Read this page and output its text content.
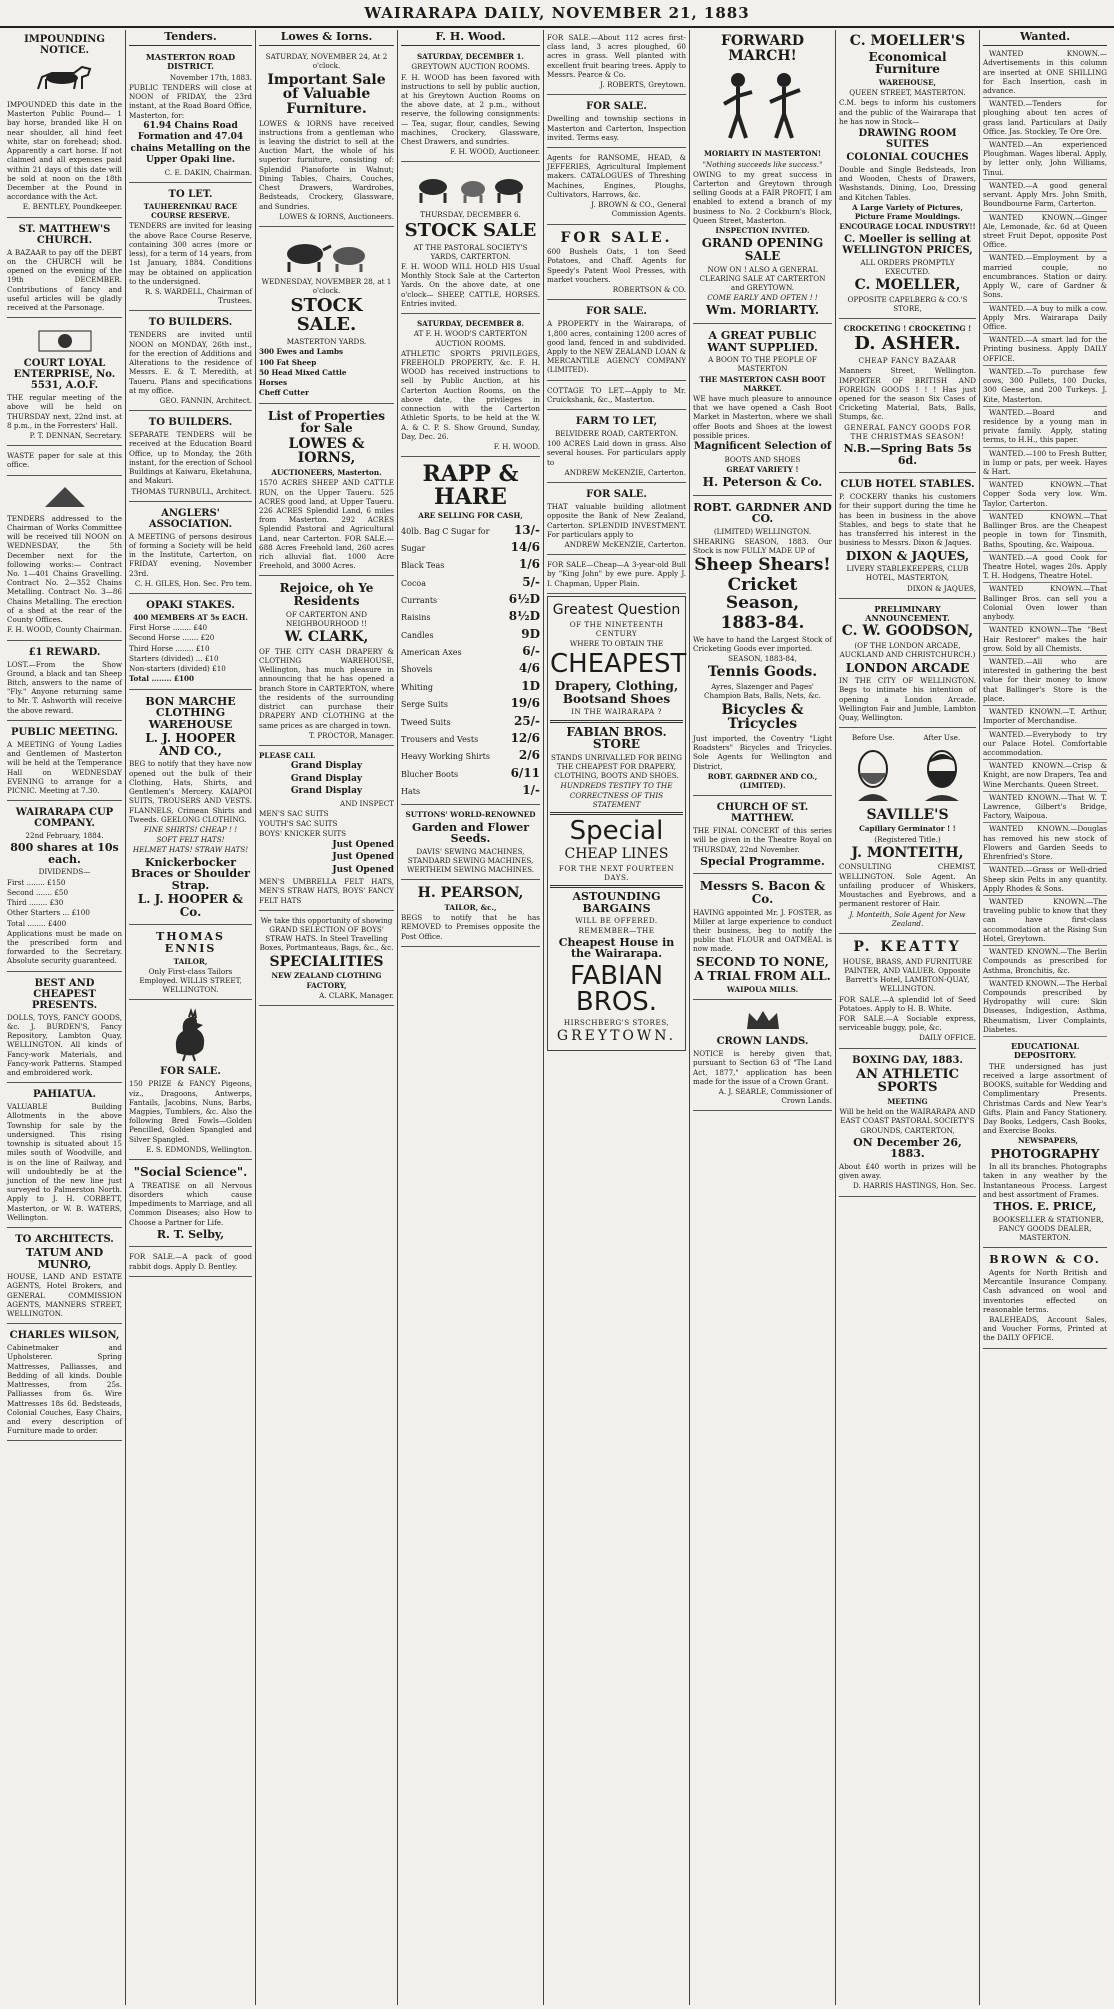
WAIRARAPA DAILY, NOVEMBER 21, 1883
IMPOUNDING NOTICE.

IMPOUNDED this date in the Masterton Public Pound— 1 bay horse, branded like H on near shoulder, all hind feet white, star on forehead; shod. Apparently a cart horse. If not claimed and all expenses paid within 21 days of this date will be sold at noon on the 18th December at the Pound in accordance with the Act.

E. BENTLEY, Poundkeeper.

ST. MATTHEW'S CHURCH.

A BAZAAR to pay off the DEBT on the CHURCH will be opened on the evening of the 19th DECEMBER. Contributions of fancy and useful articles will be gladly received at the Parsonage.

COURT LOYAL ENTERPRISE, No. 5531, A.O.F.

THE regular meeting of the above will be held on THURSDAY next, 22nd inst. at 8 p.m., in the Forresters' Hall.

P. T. DENNAN, Secretary.

WASTE paper for sale at this office.

TENDERS addressed to the Chairman of Works Committee will be received till NOON on WEDNESDAY, the 5th December next for the following works:— Contract No. 1—401 Chains Gravelling. Contract No. 2—352 Chains Metalling. Contract No. 3—86 Chains Metalling. The erection of a shed at the rear of the County Offices.

F. H. WOOD, County Chairman.

£1 REWARD.

LOST.—From the Show Ground, a black and tan Sheep Bitch, answers to the name of "Fly." Anyone returning same to Mr. T. Ashworth will receive the above reward.

PUBLIC MEETING.

A MEETING of Young Ladies and Gentlemen of Masterton will be held at the Temperance Hall on WEDNESDAY EVENING to arrange for a PICNIC. Meeting at 7.30.

WAIRARAPA CUP COMPANY.

22nd February, 1884.

800 shares at 10s each.

DIVIDENDS—

First ........ £150

Second ....... £50

Third ........ £30

Other Starters ... £100

Total ........ £400

Applications must be made on the prescribed form and forwarded to the Secretary. Absolute security guaranteed.

BEST AND CHEAPEST PRESENTS.

DOLLS, TOYS, FANCY GOODS, &c. J. BURDEN'S, Fancy Repository, Lambton Quay, WELLINGTON. All kinds of Fancy-work Materials, and Fancy-work Patterns. Stamped and embroidered work.

PAHIATUA.

VALUABLE Building Allotments in the above Township for sale by the undersigned. This rising township is situated about 15 miles south of Woodville, and is on the line of Railway, and will undoubtedly be at the junction of the new line just surveyed to Palmerston North. Apply to J. H. CORBETT, Masterton, or W. B. WATERS, Wellington.

TO ARCHITECTS.
TATUM AND MUNRO,

HOUSE, LAND AND ESTATE AGENTS, Hotel Brokers, and GENERAL COMMISSION AGENTS, MANNERS STREET, WELLINGTON.

CHARLES WILSON,

Cabinetmaker and Upholsterer. Spring Mattresses, Palliasses, and Bedding of all kinds. Double Mattresses, from 25s. Palliasses from 6s. Wire Mattresses 18s 6d. Bedsteads, Colonial Couches, Easy Chairs, and every description of Furniture made to order.

Tenders.
MASTERTON ROAD DISTRICT.

November 17th, 1883.

PUBLIC TENDERS will close at NOON of FRIDAY, the 23rd instant, at the Road Board Office, Masterton, for:

61.94 Chains Road Formation and 47.04 chains Metalling on the Upper Opaki line.

C. E. DAKIN, Chairman.

TO LET.

TAUHERENIKAU RACE COURSE RESERVE.

TENDERS are invited for leasing the above Race Course Reserve, containing 300 acres (more or less), for a term of 14 years, from 1st January, 1884. Conditions may be obtained on application to the undersigned.

R. S. WARDELL, Chairman of Trustees.

TO BUILDERS.

TENDERS are invited until NOON on MONDAY, 26th inst., for the erection of Additions and Alterations to the residence of Messrs. E. & T. Meredith, at Taueru. Plans and specifications at my office.

GEO. FANNIN, Architect.

TO BUILDERS.

SEPARATE TENDERS will be received at the Education Board Office, up to Monday, the 26th instant, for the erection of School Buildings at Kaiwaru, Eketahuna, and Makuri.

THOMAS TURNBULL, Architect.

ANGLERS' ASSOCIATION.

A MEETING of persons desirous of forming a Society will be held in the Institute, Carterton, on FRIDAY evening, November 23rd.

C. H. GILES, Hon. Sec. Pro tem.

OPAKI STAKES.

400 MEMBERS AT 5s EACH.

First Horse ........ £40

Second Horse ....... £20

Third Horse ........ £10

Starters (divided) ... £10

Non-starters (divided) £10

Total ........ £100

BON MARCHE CLOTHING WAREHOUSE
L. J. HOOPER AND CO.,

BEG to notify that they have now opened out the bulk of their Clothing, Hats, Shirts, and Gentlemen's Mercery. KAIAPOI SUITS, TROUSERS AND VESTS. FLANNELS, Crimean Shirts and Tweeds. GEELONG CLOTHING.

FINE SHIRTS! CHEAP ! !

SOFT FELT HATS!

HELMET HATS! STRAW HATS!

Knickerbocker Braces or Shoulder Strap.
L. J. HOOPER & Co.
THOMAS ENNIS

TAILOR,

Only First-class Tailors Employed. WILLIS STREET, WELLINGTON.

FOR SALE.

150 PRIZE & FANCY Pigeons, viz., Dragoons, Antwerps, Fantails, Jacobins, Nuns, Barbs, Magpies, Tumblers, &c. Also the following Bred Fowls—Golden Pencilled, Golden Spangled and Silver Spangled.

E. S. EDMONDS, Wellington.

"Social Science".

A TREATISE on all Nervous disorders which cause Impediments to Marriage, and all Common Diseases; also How to Choose a Partner for Life.

R. T. Selby,

FOR SALE.—A pack of good rabbit dogs. Apply D. Bentley.

Lowes & Iorns.

SATURDAY, NOVEMBER 24, At 2 o'clock.

Important Sale of Valuable Furniture.

LOWES & IORNS have received instructions from a gentleman who is leaving the district to sell at the Auction Mart, the whole of his superior furniture, consisting of: Splendid Pianoforte in Walnut; Dining Tables, Chairs, Couches, Chest Drawers, Wardrobes, Bedsteads, Crockery, Glassware, and Sundries.

LOWES & IORNS, Auctioneers.

WEDNESDAY, NOVEMBER 28, at 1 o'clock.

STOCK SALE.

MASTERTON YARDS.

300 Ewes and Lambs

100 Fat Sheep

50 Head Mixed Cattle

Horses

Cheff Cutter

List of Properties for Sale
LOWES & IORNS,

AUCTIONEERS, Masterton.

1570 ACRES SHEEP AND CATTLE RUN, on the Upper Taueru. 525 ACRES good land, at Upper Taueru. 226 ACRES Splendid Land, 6 miles from Masterton. 292 ACRES Splendid Pastoral and Agricultural Land, near Carterton. FOR SALE.—688 Acres Freehold land, 260 acres rich alluvial flat. 1000 Acre Freehold, and 3000 Acres.

Rejoice, oh Ye Residents

OF CARTERTON AND NEIGHBOURHOOD !!

W. CLARK,

OF THE CITY CASH DRAPERY & CLOTHING WAREHOUSE, Wellington, has much pleasure in announcing that he has opened a branch Store in CARTERTON, where the residents of the surrounding district can purchase their DRAPERY AND CLOTHING at the same prices as are charged in town.

T. PROCTOR, Manager.

PLEASE CALL

Grand Display

Grand Display

Grand Display

AND INSPECT

MEN'S SAC SUITS

YOUTH'S SAC SUITS

BOYS' KNICKER SUITS

Just Opened

Just Opened

Just Opened

MEN'S UMBRELLA FELT HATS, MEN'S STRAW HATS, BOYS' FANCY FELT HATS

We take this opportunity of showing GRAND SELECTION OF BOYS' STRAW HATS. In Steel Travelling Boxes, Portmanteaus, Bags, &c., &c.

SPECIALITIES

NEW ZEALAND CLOTHING FACTORY,

A. CLARK, Manager.

F. H. Wood.

SATURDAY, DECEMBER 1.

GREYTOWN AUCTION ROOMS.

F. H. WOOD has been favored with instructions to sell by public auction, at his Greytown Auction Rooms on the above date, at 2 p.m., without reserve, the following consignments:— Tea, sugar, flour, candles, Sewing machines, Crockery, Glassware, Chest Drawers, and sundries.

F. H. WOOD, Auctioneer.

THURSDAY, DECEMBER 6.

STOCK SALE

AT THE PASTORAL SOCIETY'S YARDS, CARTERTON.

F. H. WOOD WILL HOLD HIS Usual Monthly Stock Sale at the Carterton Yards. On the above date, at one o'clock— SHEEP, CATTLE, HORSES. Entries invited.

SATURDAY, DECEMBER 8.

AT F. H. WOOD'S CARTERTON AUCTION ROOMS.

ATHLETIC SPORTS PRIVILEGES, FREEHOLD PROPERTY, &c. F. H. WOOD has received instructions to sell by Public Auction, at his Carterton Auction Rooms, on the above date, the privileges in connection with the Carterton Athletic Sports, to be held at the W. A. & C. P. S. Show Ground, Sunday, Day, Dec. 26.

F. H. WOOD.

RAPP & HARE

ARE SELLING FOR CASH,

40lb. Bag C Sugar for 13/-
Sugar	14/6
Black Teas	1/6
Cocoa	5/-
Currants	6½D
Raisins	8½D
Candles	9D
American Axes	6/-
Shovels	4/6
Whiting	1D
Serge Suits	19/6
Tweed Suits	25/-
Trousers and Vests	12/6
Heavy Working Shirts 2/6
Blucher Boots	6/11
Hats	1/-

SUTTONS' WORLD-RENOWNED

Garden and Flower Seeds.

DAVIS' SEWING MACHINES, STANDARD SEWING MACHINES, WERTHEIM SEWING MACHINES.

H. PEARSON,

TAILOR, &c.,

BEGS to notify that he has REMOVED to Premises opposite the Post Office.

FOR SALE.—About 112 acres first-class land, 3 acres ploughed, 60 acres in grass. Well planted with excellent fruit bearing trees. Apply to Messrs. Pearce & Co.

J. ROBERTS, Greytown.

FOR SALE.

Dwelling and township sections in Masterton and Carterton, Inspection invited. Terms easy.

Agents for RANSOME, HEAD, & JEFFERIES, Agricultural Implement makers. CATALOGUES of Threshing Machines, Engines, Ploughs, Cultivators, Harrows, &c.

J. BROWN & CO., General Commission Agents.

FOR SALE.

600 Bushels Oats, 1 ton Seed Potatoes, and Chaff. Agents for Speedy's Patent Wool Presses, with market vouchers.

ROBERTSON & CO.

FOR SALE.

A PROPERTY in the Wairarapa, of 1,800 acres, containing 1200 acres of good land, fenced in and subdivided. Apply to the NEW ZEALAND LOAN & MERCANTILE AGENCY COMPANY (LIMITED).

COTTAGE TO LET.—Apply to Mr. Cruickshank, &c., Masterton.

FARM TO LET,

BELVIDERE ROAD, CARTERTON.

100 ACRES Laid down in grass. Also several houses. For particulars apply to

ANDREW McKENZIE, Carterton.

FOR SALE.

THAT valuable building allotment opposite the Bank of New Zealand, Carterton. SPLENDID INVESTMENT. For particulars apply to

ANDREW McKENZIE, Carterton.

FOR SALE—Cheap—A 3-year-old Bull by "King John" by ewe pure. Apply J. I. Chapman, Upper Plain.

Greatest Question

OF THE NINETEENTH CENTURY

WHERE TO OBTAIN THE

CHEAPEST
Drapery, Clothing, Bootsand Shoes

IN THE WAIRARAPA ?

FABIAN BROS. STORE

STANDS UNRIVALLED FOR BEING THE CHEAPEST FOR DRAPERY, CLOTHING, BOOTS AND SHOES.

HUNDREDS TESTIFY TO THE CORRECTNESS OF THIS STATEMENT

Special
CHEAP LINES

FOR THE NEXT FOURTEEN DAYS.

ASTOUNDING BARGAINS

WILL BE OFFERED. REMEMBER—THE

Cheapest House in the Wairarapa.
FABIAN BROS.

HIRSCHBERG'S STORES,

GREYTOWN.
FORWARD MARCH!

MORIARTY IN MASTERTON!

"Nothing succeeds like success."

OWING to my great success in Carterton and Greytown through selling Goods at a FAIR PROFIT, I am enabled to extend a branch of my business to No. 2 Cockburn's Block, Queen Street, Masterton.

INSPECTION INVITED.

GRAND OPENING SALE

NOW ON ! ALSO A GENERAL CLEARING SALE AT CARTERTON and GREYTOWN.

COME EARLY AND OFTEN ! !

Wm. MORIARTY.
A GREAT PUBLIC WANT SUPPLIED.

A BOON TO THE PEOPLE OF MASTERTON

THE MASTERTON CASH BOOT MARKET.

WE have much pleasure to announce that we have opened a Cash Boot Market in Masterton, where we shall offer Boots and Shoes at the lowest possible prices.

Magnificent Selection of

BOOTS AND SHOES

GREAT VARIETY !

H. Peterson & Co.
ROBT. GARDNER AND CO.

(LIMITED) WELLINGTON.

SHEARING SEASON, 1883. Our Stock is now FULLY MADE UP of

Sheep Shears!
Cricket Season,
1883-84.

We have to hand the Largest Stock of Cricketing Goods ever imported.

SEASON, 1883-84,

Tennis Goods.

Ayres, Slazenger and Pages' Champion Bats, Balls, Nets, &c.

Bicycles & Tricycles

Just imported, the Coventry "Light Roadsters" Bicycles and Tricycles. Sole Agents for Wellington and District,

ROBT. GARDNER AND CO., (LIMITED).

CHURCH OF ST. MATTHEW.

THE FINAL CONCERT of this series will be given in the Theatre Royal on THURSDAY, 22nd November.

Special Programme.
Messrs S. Bacon & Co.

HAVING appointed Mr. J. FOSTER, as Miller at large experience to conduct their business, beg to notify the public that FLOUR and OATMEAL is now made.

SECOND TO NONE,
A TRIAL FROM ALL.

WAIPOUA MILLS.

CROWN LANDS.

NOTICE is hereby given that, pursuant to Section 63 of "The Land Act, 1877," application has been made for the issue of a Crown Grant.

A. J. SEARLE, Commissioner of Crown Lands.

C. MOELLER'S
Economical Furniture

WAREHOUSE,

QUEEN STREET, MASTERTON.

C.M. begs to inform his customers and the public of the Wairarapa that he has now in Stock—

DRAWING ROOM SUITES
COLONIAL COUCHES

Double and Single Bedsteads, Iron and Wooden, Chests of Drawers, Washstands, Dining, Loo, Dressing and Kitchen Tables.

A Large Variety of Pictures, Picture Frame Mouldings.

ENCOURAGE LOCAL INDUSTRY!!

C. Moeller is selling at WELLINGTON PRICES,

ALL ORDERS PROMPTLY EXECUTED.

C. MOELLER,

OPPOSITE CAPELBERG & CO.'S STORE,

CROCKETING ! CROCKETING !

D. ASHER.

CHEAP FANCY BAZAAR

Manners Street, Wellington. IMPORTER OF BRITISH AND FOREIGN GOODS ! ! ! Has just opened for the season Six Cases of Cricketing Material, Bats, Balls, Stumps, &c.

GENERAL FANCY GOODS FOR THE CHRISTMAS SEASON!

N.B.—Spring Bats 5s 6d.
CLUB HOTEL STABLES.

P. COCKERY thanks his customers for their support during the time he has been in business in the above Stables, and begs to state that he has transferred his interest in the business to Messrs. Dixon & Jaques.

DIXON & JAQUES,

LIVERY STABLEKEEPERS, CLUB HOTEL, MASTERTON,

DIXON & JAQUES,

PRELIMINARY ANNOUNCEMENT.
C. W. GOODSON,

(OF THE LONDON ARCADE, AUCKLAND AND CHRISTCHURCH.)

LONDON ARCADE

IN THE CITY OF WELLINGTON. Begs to intimate his intention of opening a London Arcade. Wellington Fair and Jumble, Lambton Quay, Wellington.

Before Use.	After Use.

SAVILLE'S

Capillary Germinator ! !

(Registered Title.)

J. MONTEITH,

CONSULTING CHEMIST, WELLINGTON. Sole Agent. An unfailing producer of Whiskers, Moustaches and Eyebrows, and a permanent restorer of Hair.

J. Monteith, Sole Agent for New Zealand.

P. KEATTY

HOUSE, BRASS, AND FURNITURE PAINTER, AND VALUER. Opposite Barrett's Hotel, LAMBTON-QUAY, WELLINGTON.

FOR SALE.—A splendid lot of Seed Potatoes. Apply to H. B. White.

FOR SALE.—A Sociable express, serviceable buggy, pole, &c.

DAILY OFFICE.

BOXING DAY, 1883.
AN ATHLETIC SPORTS

MEETING

Will be held on the WAIRARAPA AND EAST COAST PASTORAL SOCIETY'S GROUNDS, CARTERTON,

ON December 26, 1883.

About £40 worth in prizes will be given away.

D. HARRIS HASTINGS, Hon. Sec.

Wanted.

WANTED KNOWN.—Advertisements in this column are inserted at ONE SHILLING for Each Insertion, cash in advance.

WANTED.—Tenders for ploughing about ten acres of grass land. Particulars at Daily Office. Jas. Stockley, Te Ore Ore.

WANTED.—An experienced Ploughman. Wages liberal. Apply, by letter only, John Williams, Tinui.

WANTED.—A good general servant. Apply Mrs. John Smith, Boundbourne Farm, Carterton.

WANTED KNOWN.—Ginger Ale, Lemonade, &c. 6d at Queen street Fruit Depot, opposite Post Office.

WANTED.—Employment by a married couple, no encumbrances. Station or dairy. Apply W., care of Gardner & Sons.

WANTED.—A buy to milk a cow. Apply Mrs. Wairarapa Daily Office.

WANTED.—A smart lad for the Printing business. Apply DAILY OFFICE.

WANTED.—To purchase few cows, 300 Pullets, 100 Ducks, 300 Geese, and 200 Turkeys. J. Kite, Masterton.

WANTED.—Board and residence by a young man in private family. Apply, stating terms, to H.H., this paper.

WANTED.—100 to Fresh Butter, in lump or pats, per week. Hayes & Hart.

WANTED KNOWN.—That Copper Soda very low. Wm. Taylor, Carterton.

WANTED KNOWN.—That Ballinger Bros. are the Cheapest people in town for Tinsmith, Baths, Spouting, &c. Waipoua.

WANTED.—A good Cook for Theatre Hotel, wages 20s. Apply T. H. Hodgens, Theatre Hotel.

WANTED KNOWN.—That Ballinger Bros. can sell you a Colonial Oven lower than anybody.

WANTED KNOWN—The "Best Hair Restorer" makes the hair grow. Sold by all Chemists.

WANTED.—All who are interested in gathering the best value for their money to know that Ballinger's Store is the place.

WANTED KNOWN.—T. Arthur, Importer of Merchandise.

WANTED.—Everybody to try our Palace Hotel. Comfortable accommodation.

WANTED KNOWN.—Crisp & Knight, are now Drapers, Tea and Wine Merchants. Queen Street.

WANTED KNOWN.—That W. T. Lawrence, Gilbert's Bridge, Factory, Waipoua.

WANTED KNOWN.—Douglas has removed his new stock of Flowers and Garden Seeds to Ehrenfried's Store.

WANTED.—Grass or Well-dried Sheep skin Pelts in any quantity. Apply Rhodes & Sons.

WANTED KNOWN.—The traveling public to know that they can have first-class accommodation at the Rising Sun Hotel, Greytown.

WANTED KNOWN.—The Berlin Compounds as prescribed for Asthma, Bronchitis, &c.

WANTED KNOWN.—The Herbal Compounds prescribed by Hydropathy will cure: Skin Diseases, Indigestion, Asthma, Rheumatism, Liver Complaints, Diabetes.

EDUCATIONAL DEPOSITORY.

THE undersigned has just received a large assortment of BOOKS, suitable for Wedding and Complimentary Presents. Christmas Cards and New Year's Gifts. Plain and Fancy Stationery. Day Books, Ledgers, Cash Books, and Exercise Books.

NEWSPAPERS,

PHOTOGRAPHY

In all its branches. Photographs taken in any weather by the Instantaneous Process. Largest and best assortment of Frames.

THOS. E. PRICE,

BOOKSELLER & STATIONER, FANCY GOODS DEALER, MASTERTON.

BROWN & CO.

Agents for North British and Mercantile Insurance Company. Cash advanced on wool and inventories effected on reasonable terms.

BALEHEADS, Account Sales, and Voucher Forms, Printed at the DAILY OFFICE.
